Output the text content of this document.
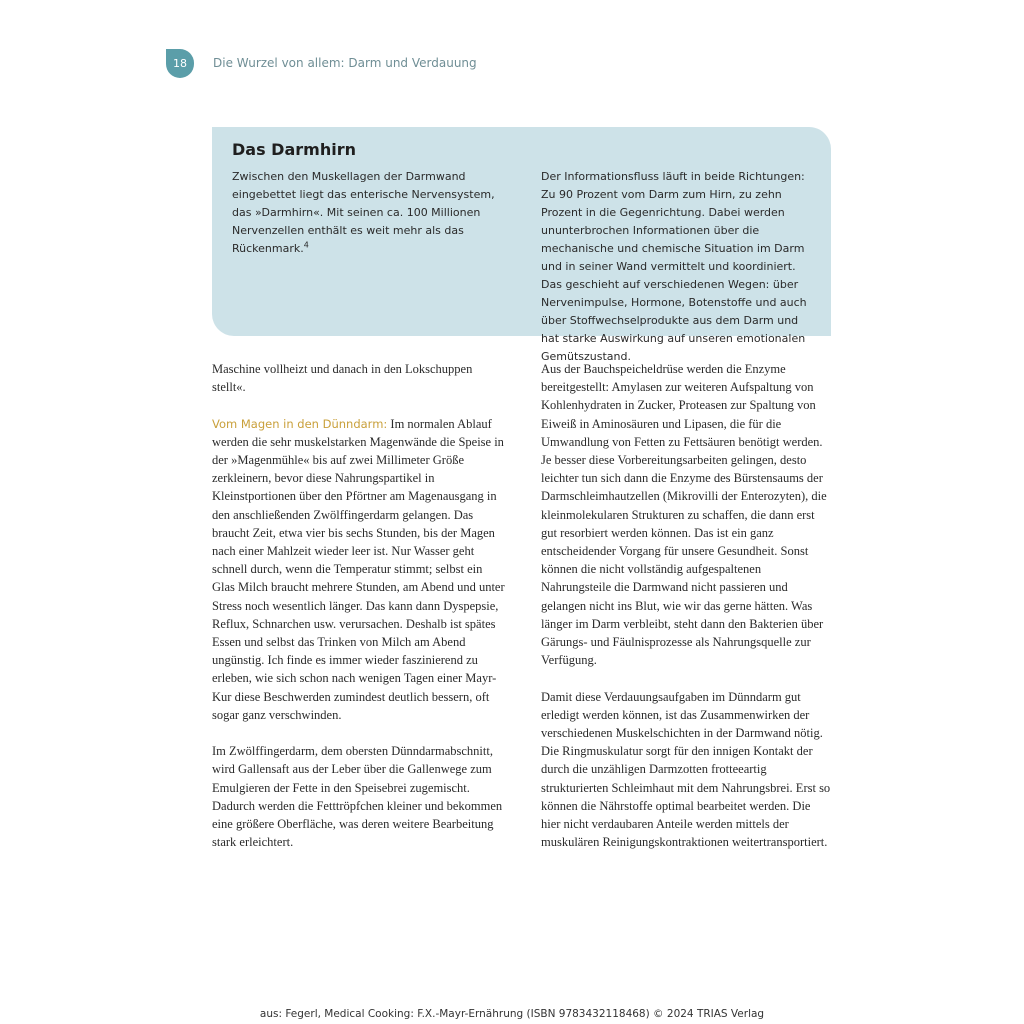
18	Die Wurzel von allem: Darm und Verdauung
Das Darmhirn

Zwischen den Muskellagen der Darmwand eingebettet liegt das enterische Nervensystem, das »Darmhirn«. Mit seinen ca. 100 Millionen Nervenzellen enthält es weit mehr als das Rückenmark.$^4$

Der Informationsfluss läuft in beide Richtungen: Zu 90 Prozent vom Darm zum Hirn, zu zehn Prozent in die Gegenrichtung. Dabei werden ununterbrochen Informationen über die mechanische und chemische Situation im Darm und in seiner Wand vermittelt und koordiniert. Das geschieht auf verschiedenen Wegen: über Nervenimpulse, Hormone, Botenstoffe und auch über Stoffwechselprodukte aus dem Darm und hat starke Auswirkung auf unseren emotionalen Gemütszustand.

Maschine vollheizt und danach in den Lokschuppen stellt«.

Vom Magen in den Dünndarm: Im normalen Ablauf werden die sehr muskelstarken Magenwände die Speise in der »Magenmühle« bis auf zwei Millimeter Größe zerkleinern, bevor diese Nahrungspartikel in Kleinstportionen über den Pförtner am Magenausgang in den anschließenden Zwölffingerdarm gelangen. Das braucht Zeit, etwa vier bis sechs Stunden, bis der Magen nach einer Mahlzeit wieder leer ist. Nur Wasser geht schnell durch, wenn die Temperatur stimmt; selbst ein Glas Milch braucht mehrere Stunden, am Abend und unter Stress noch wesentlich länger. Das kann dann Dyspepsie, Reflux, Schnarchen usw. verursachen. Deshalb ist spätes Essen und selbst das Trinken von Milch am Abend ungünstig. Ich finde es immer wieder faszinierend zu erleben, wie sich schon nach wenigen Tagen einer Mayr-Kur diese Beschwerden zumindest deutlich bessern, oft sogar ganz verschwinden.

Im Zwölffingerdarm, dem obersten Dünndarmabschnitt, wird Gallensaft aus der Leber über die Gallenwege zum Emulgieren der Fette in den Speisebrei zugemischt. Dadurch werden die Fetttröpfchen kleiner und bekommen eine größere Oberfläche, was deren weitere Bearbeitung stark erleichtert.

Aus der Bauchspeicheldrüse werden die Enzyme bereitgestellt: Amylasen zur weiteren Aufspaltung von Kohlenhydraten in Zucker, Proteasen zur Spaltung von Eiweiß in Aminosäuren und Lipasen, die für die Umwandlung von Fetten zu Fettsäuren benötigt werden. Je besser diese Vorbereitungsarbeiten gelingen, desto leichter tun sich dann die Enzyme des Bürstensaums der Darmschleimhautzellen (Mikrovilli der Enterozyten), die kleinmolekularen Strukturen zu schaffen, die dann erst gut resorbiert werden können. Das ist ein ganz entscheidender Vorgang für unsere Gesundheit. Sonst können die nicht vollständig aufgespaltenen Nahrungsteile die Darmwand nicht passieren und gelangen nicht ins Blut, wie wir das gerne hätten. Was länger im Darm verbleibt, steht dann den Bakterien über Gärungs- und Fäulnisprozesse als Nahrungsquelle zur Verfügung.

Damit diese Verdauungsaufgaben im Dünndarm gut erledigt werden können, ist das Zusammenwirken der verschiedenen Muskelschichten in der Darmwand nötig. Die Ringmuskulatur sorgt für den innigen Kontakt der durch die unzähligen Darmzotten frotteeartig strukturierten Schleimhaut mit dem Nahrungsbrei. Erst so können die Nährstoffe optimal bearbeitet werden. Die hier nicht verdaubaren Anteile werden mittels der muskulären Reinigungskontraktionen weitertransportiert.

aus: Fegerl, Medical Cooking: F.X.-Mayr-Ernährung (ISBN 9783432118468) © 2024 TRIAS Verlag
